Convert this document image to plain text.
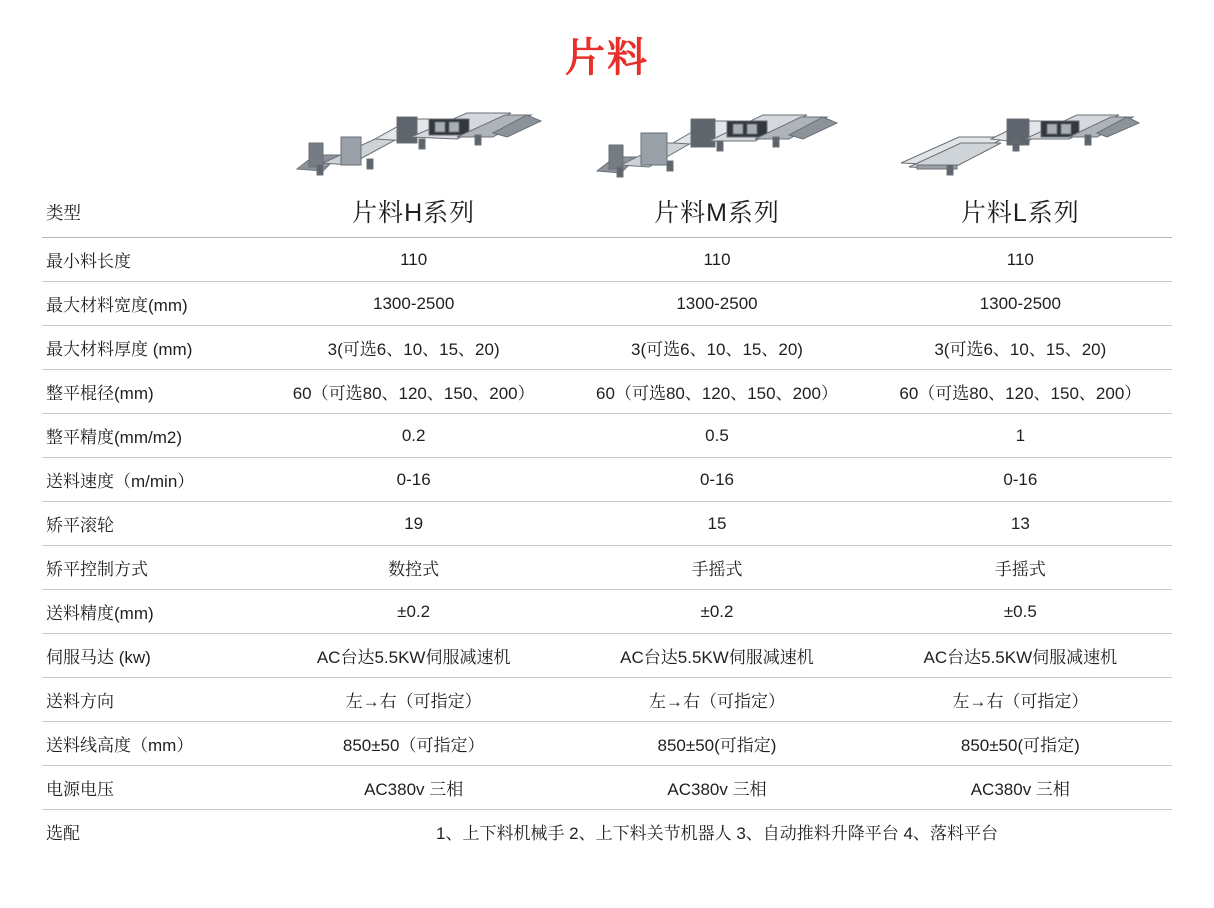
片料
类型	片料H系列	片料M系列	片料L系列

最小料长度	110	110	110
最大材料宽度(mm)	1300-2500	1300-2500	1300-2500
最大材料厚度 (mm)	3(可选6、10、15、20)	3(可选6、10、15、20)	3(可选6、10、15、20)
整平棍径(mm)	60（可选80、120、150、200）	60（可选80、120、150、200）	60（可选80、120、150、200）
整平精度(mm/m2)	0.2	0.5	1
送料速度（m/min）	0-16	0-16	0-16
矫平滚轮	19	15	13
矫平控制方式	数控式	手摇式	手摇式
送料精度(mm)	±0.2	±0.2	±0.5
伺服马达 (kw)	AC台达5.5KW伺服减速机	AC台达5.5KW伺服减速机	AC台达5.5KW伺服减速机
送料方向	左→右（可指定）	左→右（可指定）	左→右（可指定）
送料线高度（mm）	850±50（可指定）	850±50(可指定)	850±50(可指定)
电源电压	AC380v 三相	AC380v 三相	AC380v 三相
选配	1、上下料机械手 2、上下料关节机器人 3、自动推料升降平台 4、落料平台		
